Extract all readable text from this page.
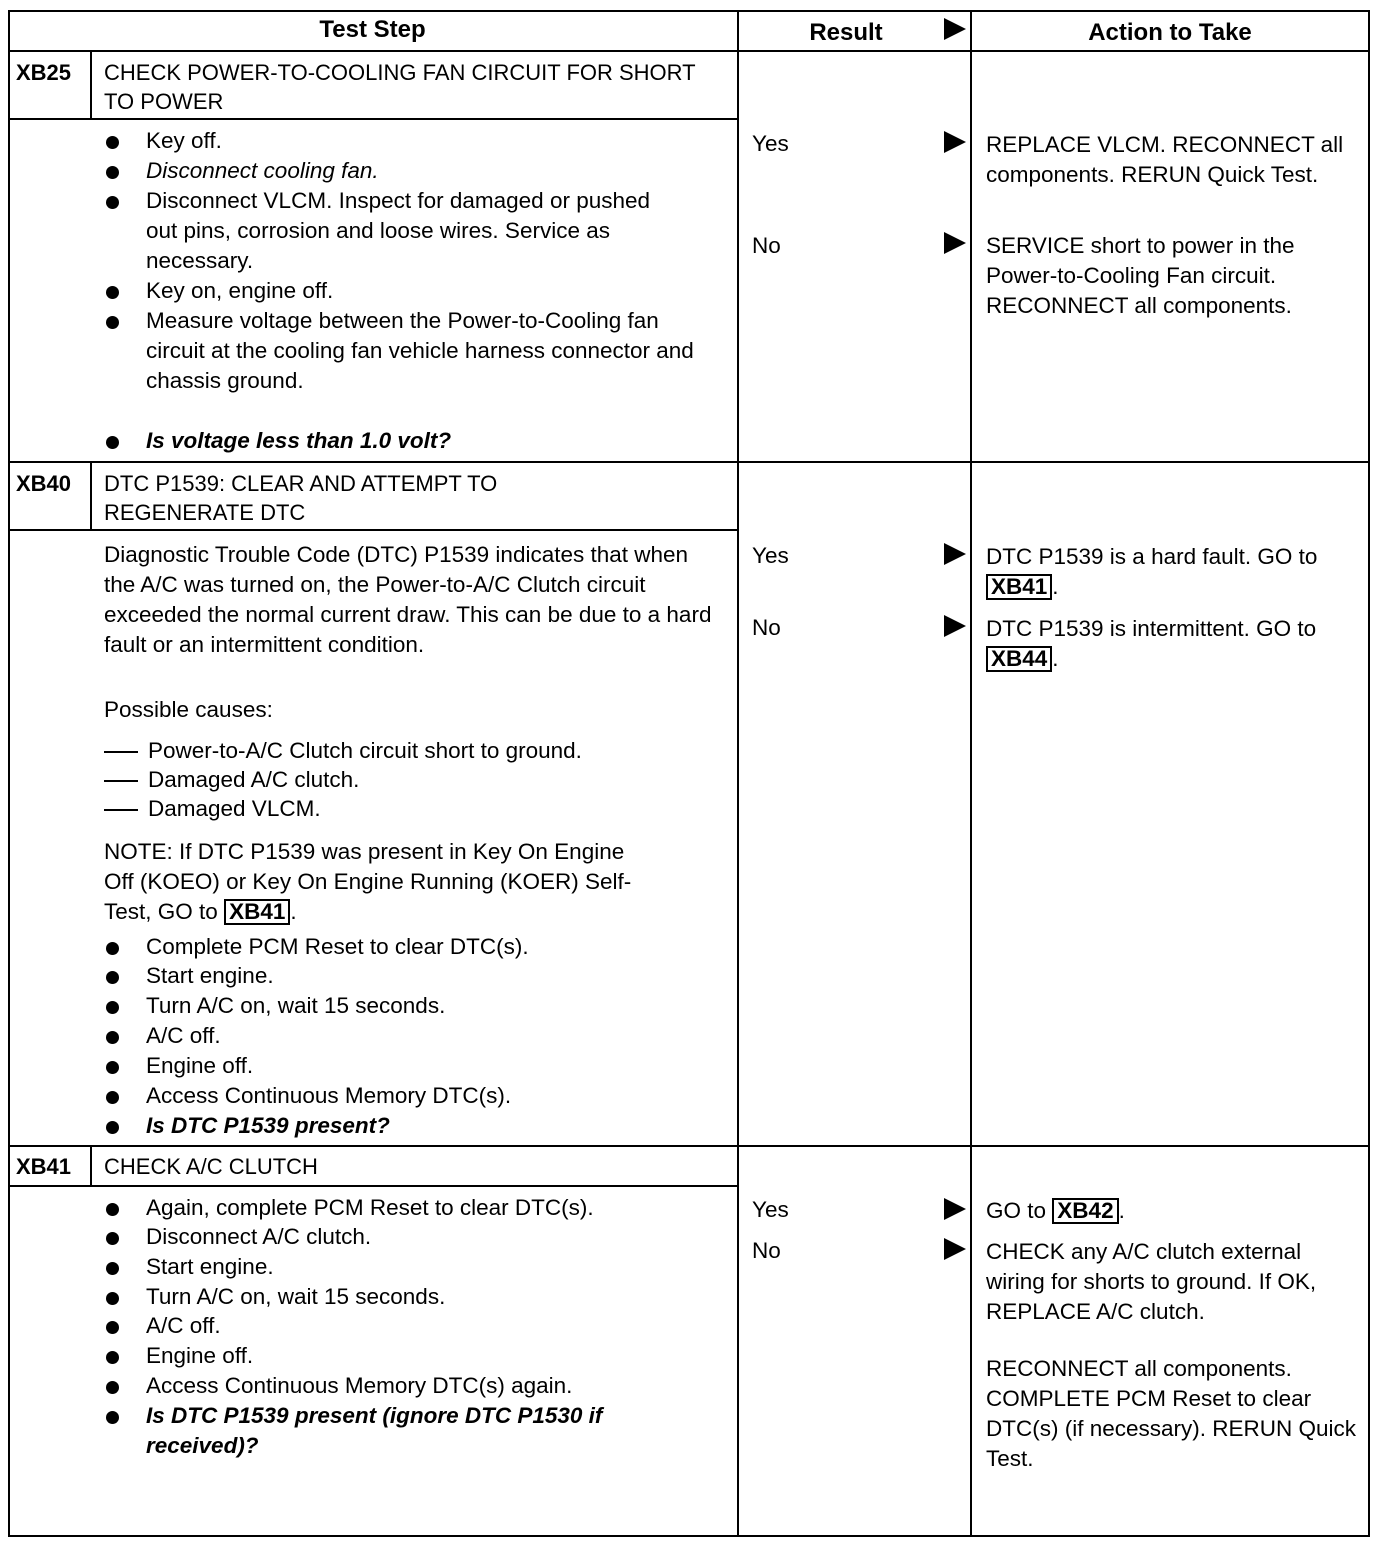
Test Step	Result	Action to Take
XB25 CHECK POWER-TO-COOLING FAN CIRCUIT FOR SHORT TO POWER
Key off.
Disconnect cooling fan.
Disconnect VLCM. Inspect for damaged or pushed out pins, corrosion and loose wires. Service as necessary.
Key on, engine off.
Measure voltage between the Power-to-Cooling fan circuit at the cooling fan vehicle harness connector and chassis ground.
Is voltage less than 1.0 volt?
Yes
No
REPLACE VLCM. RECONNECT all components. RERUN Quick Test.
SERVICE short to power in the Power-to-Cooling Fan circuit. RECONNECT all components.
XB40 DTC P1539: CLEAR AND ATTEMPT TO REGENERATE DTC
Diagnostic Trouble Code (DTC) P1539 indicates that when the A/C was turned on, the Power-to-A/C Clutch circuit exceeded the normal current draw. This can be due to a hard fault or an intermittent condition.
Possible causes:
Power-to-A/C Clutch circuit short to ground.
Damaged A/C clutch.
Damaged VLCM.
NOTE: If DTC P1539 was present in Key On Engine Off (KOEO) or Key On Engine Running (KOER) Self-Test, GO to XB41 .
Complete PCM Reset to clear DTC(s).
Start engine.
Turn A/C on, wait 15 seconds.
A/C off.
Engine off.
Access Continuous Memory DTC(s).
Is DTC P1539 present?
Yes
No
DTC P1539 is a hard fault. GO to XB41 .
DTC P1539 is intermittent. GO to XB44 .
XB41 CHECK A/C CLUTCH
Again, complete PCM Reset to clear DTC(s).
Disconnect A/C clutch.
Start engine.
Turn A/C on, wait 15 seconds.
A/C off.
Engine off.
Access Continuous Memory DTC(s) again.
Is DTC P1539 present (ignore DTC P1530 if received)?
Yes
No
GO to XB42 .
CHECK any A/C clutch external wiring for shorts to ground. If OK, REPLACE A/C clutch.
RECONNECT all components. COMPLETE PCM Reset to clear DTC(s) (if necessary). RERUN Quick Test.
